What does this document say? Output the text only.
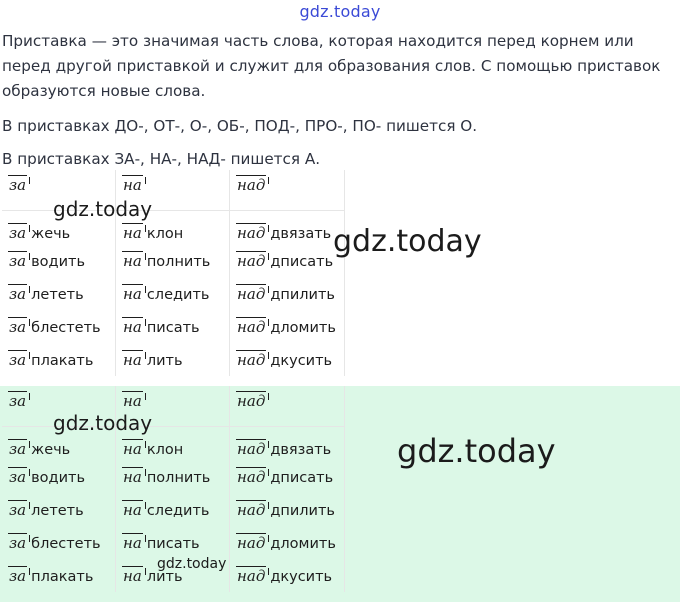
gdz.today
Приставка — это значимая часть слова, которая находится перед корнем или перед другой приставкой и служит для образования слов. С помощью приставок образуются новые слова.
В приставках ДО-, ОТ-, О-, ОБ-, ПОД-, ПРО-, ПО- пишется О.
В приставках ЗА-, НА-, НАД- пишется А.
за	на	над

за жечь	на клон	над двязать

за водить	на полнить	над дписать

за лететь	на следить	над дпилить

за блестеть	на писать	над дломить

за плакать	на лить	над дкусить
за	на	над

за жечь	на клон	над двязать

за водить	на полнить	над дписать

за лететь	на следить	над дпилить

за блестеть	на писать	над дломить

за плакать	на лить	над дкусить
gdz.today
gdz.today
gdz.today
gdz.today
gdz.today
